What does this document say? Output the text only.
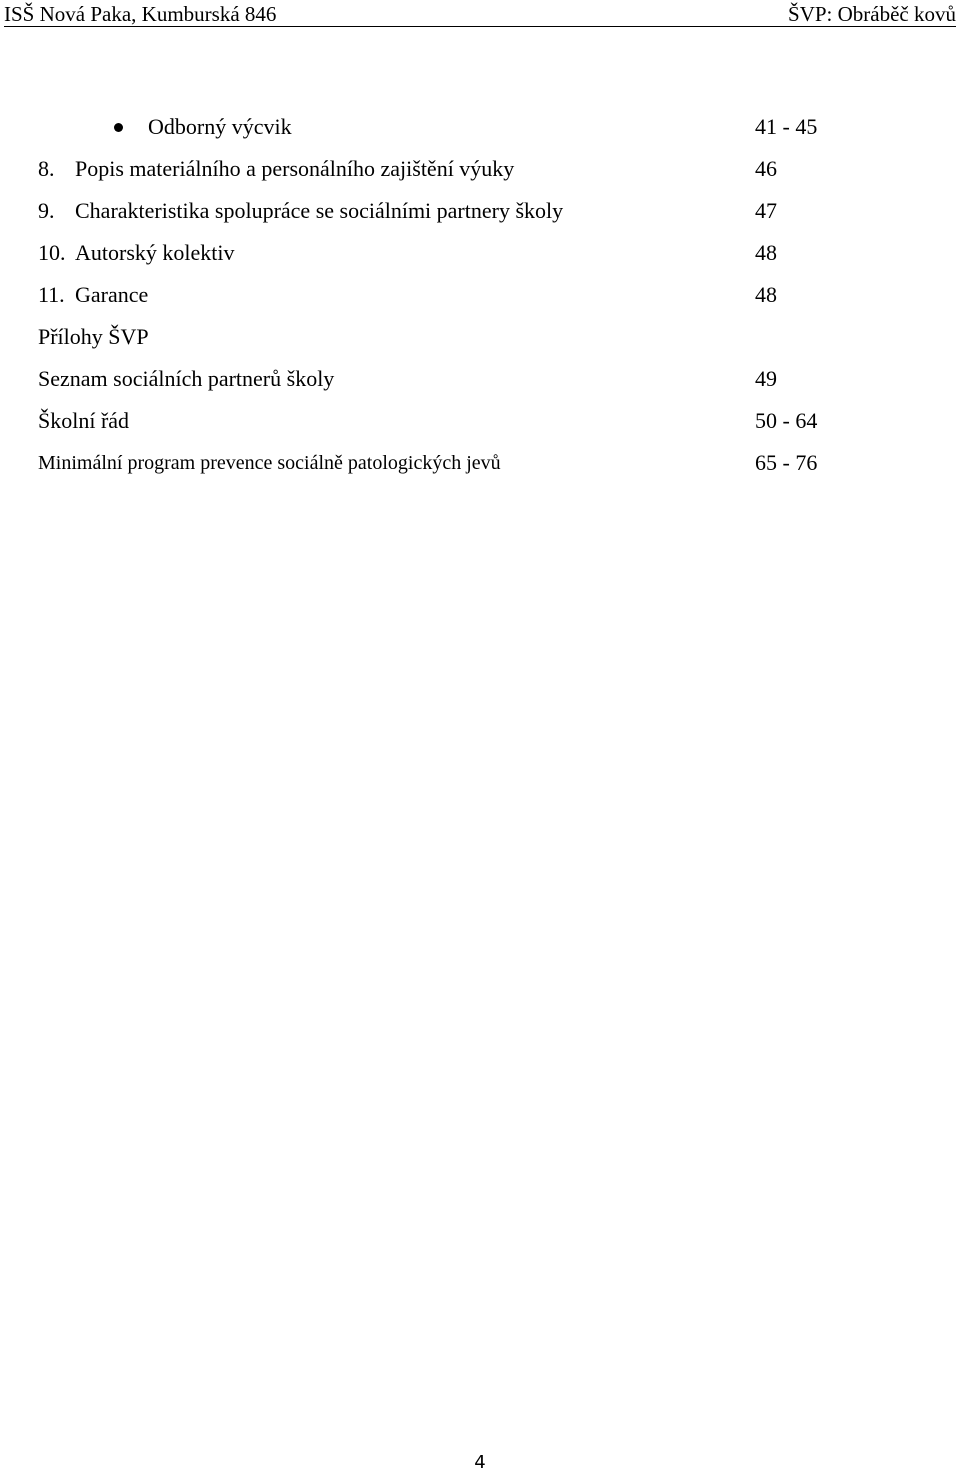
ISŠ Nová Paka, Kumburská 846	ŠVP: Obráběč kovů
Odborný výcvik	41 - 45
8. Popis materiálního a personálního zajištění výuky	46
9. Charakteristika spolupráce se sociálními partnery školy	47
10. Autorský kolektiv	48
11. Garance	48
Přílohy ŠVP
Seznam sociálních partnerů školy	49
Školní řád	50 - 64
Minimální program prevence sociálně patologických jevů	65 - 76
4
